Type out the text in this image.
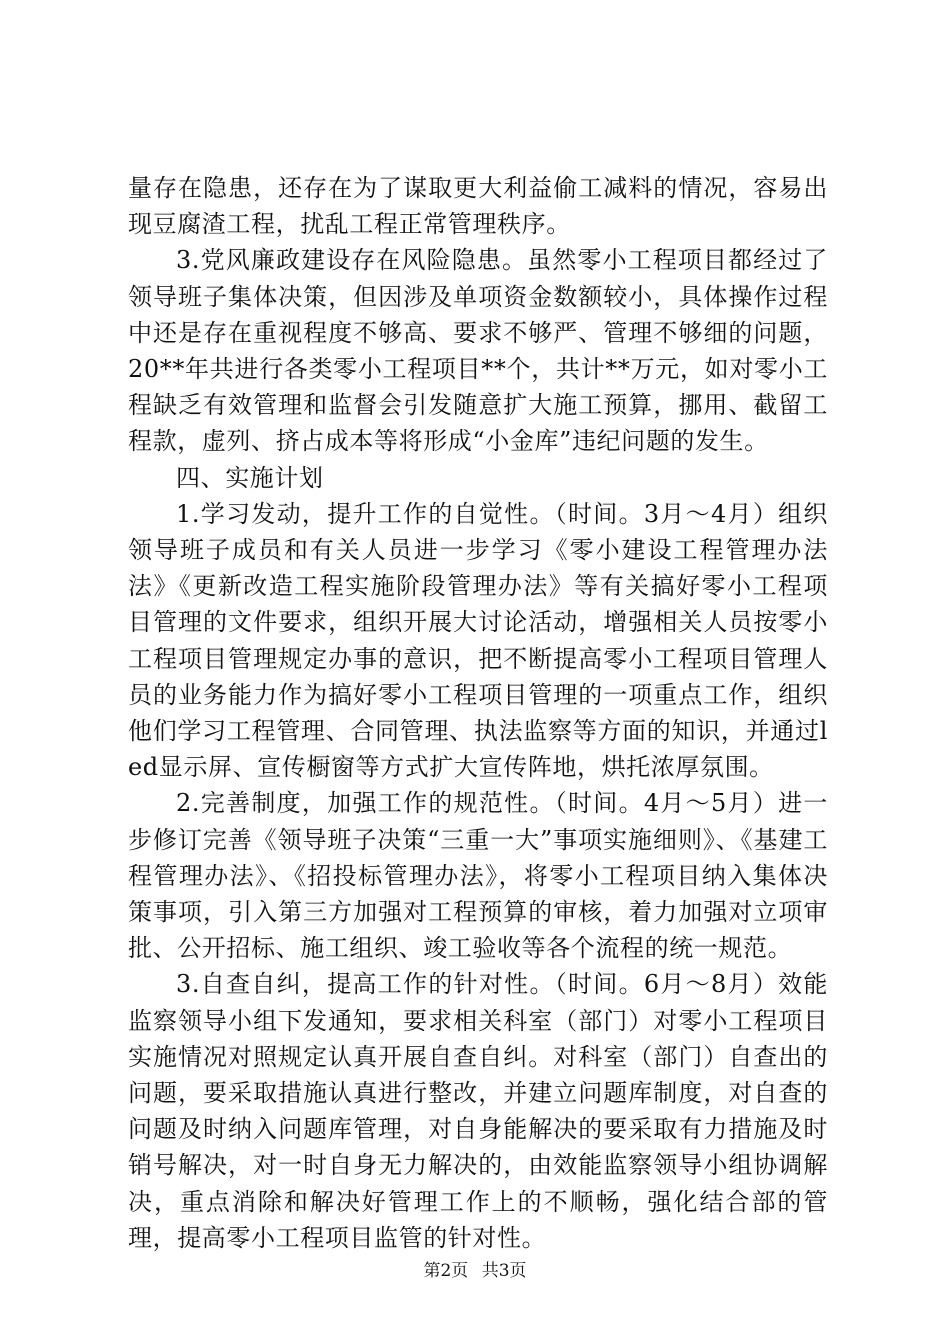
量存在隐患，还存在为了谋取更大利益偷工减料的情况，容易出现豆腐渣工程，扰乱工程正常管理秩序。

3.党风廉政建设存在风险隐患。虽然零小工程项目都经过了领导班子集体决策，但因涉及单项资金数额较小，具体操作过程中还是存在重视程度不够高、要求不够严、管理不够细的问题，20**年共进行各类零小工程项目**个，共计**万元，如对零小工程缺乏有效管理和监督会引发随意扩大施工预算，挪用、截留工程款，虚列、挤占成本等将形成“小金库”违纪问题的发生。

四、实施计划

1.学习发动，提升工作的自觉性。（时间。3月～4月）组织领导班子成员和有关人员进一步学习《零小建设工程管理办法法》《更新改造工程实施阶段管理办法》等有关搞好零小工程项目管理的文件要求，组织开展大讨论活动，增强相关人员按零小工程项目管理规定办事的意识，把不断提高零小工程项目管理人员的业务能力作为搞好零小工程项目管理的一项重点工作，组织他们学习工程管理、合同管理、执法监察等方面的知识，并通过led显示屏、宣传橱窗等方式扩大宣传阵地，烘托浓厚氛围。

2.完善制度，加强工作的规范性。（时间。4月～5月）进一步修订完善《领导班子决策“三重一大”事项实施细则》、《基建工程管理办法》、《招投标管理办法》，将零小工程项目纳入集体决策事项，引入第三方加强对工程预算的审核，着力加强对立项审批、公开招标、施工组织、竣工验收等各个流程的统一规范。

3.自查自纠，提高工作的针对性。（时间。6月～8月）效能监察领导小组下发通知，要求相关科室（部门）对零小工程项目实施情况对照规定认真开展自查自纠。对科室（部门）自查出的问题，要采取措施认真进行整改，并建立问题库制度，对自查的问题及时纳入问题库管理，对自身能解决的要采取有力措施及时销号解决，对一时自身无力解决的，由效能监察领导小组协调解决，重点消除和解决好管理工作上的不顺畅，强化结合部的管理，提高零小工程项目监管的针对性。

第2页 共3页
